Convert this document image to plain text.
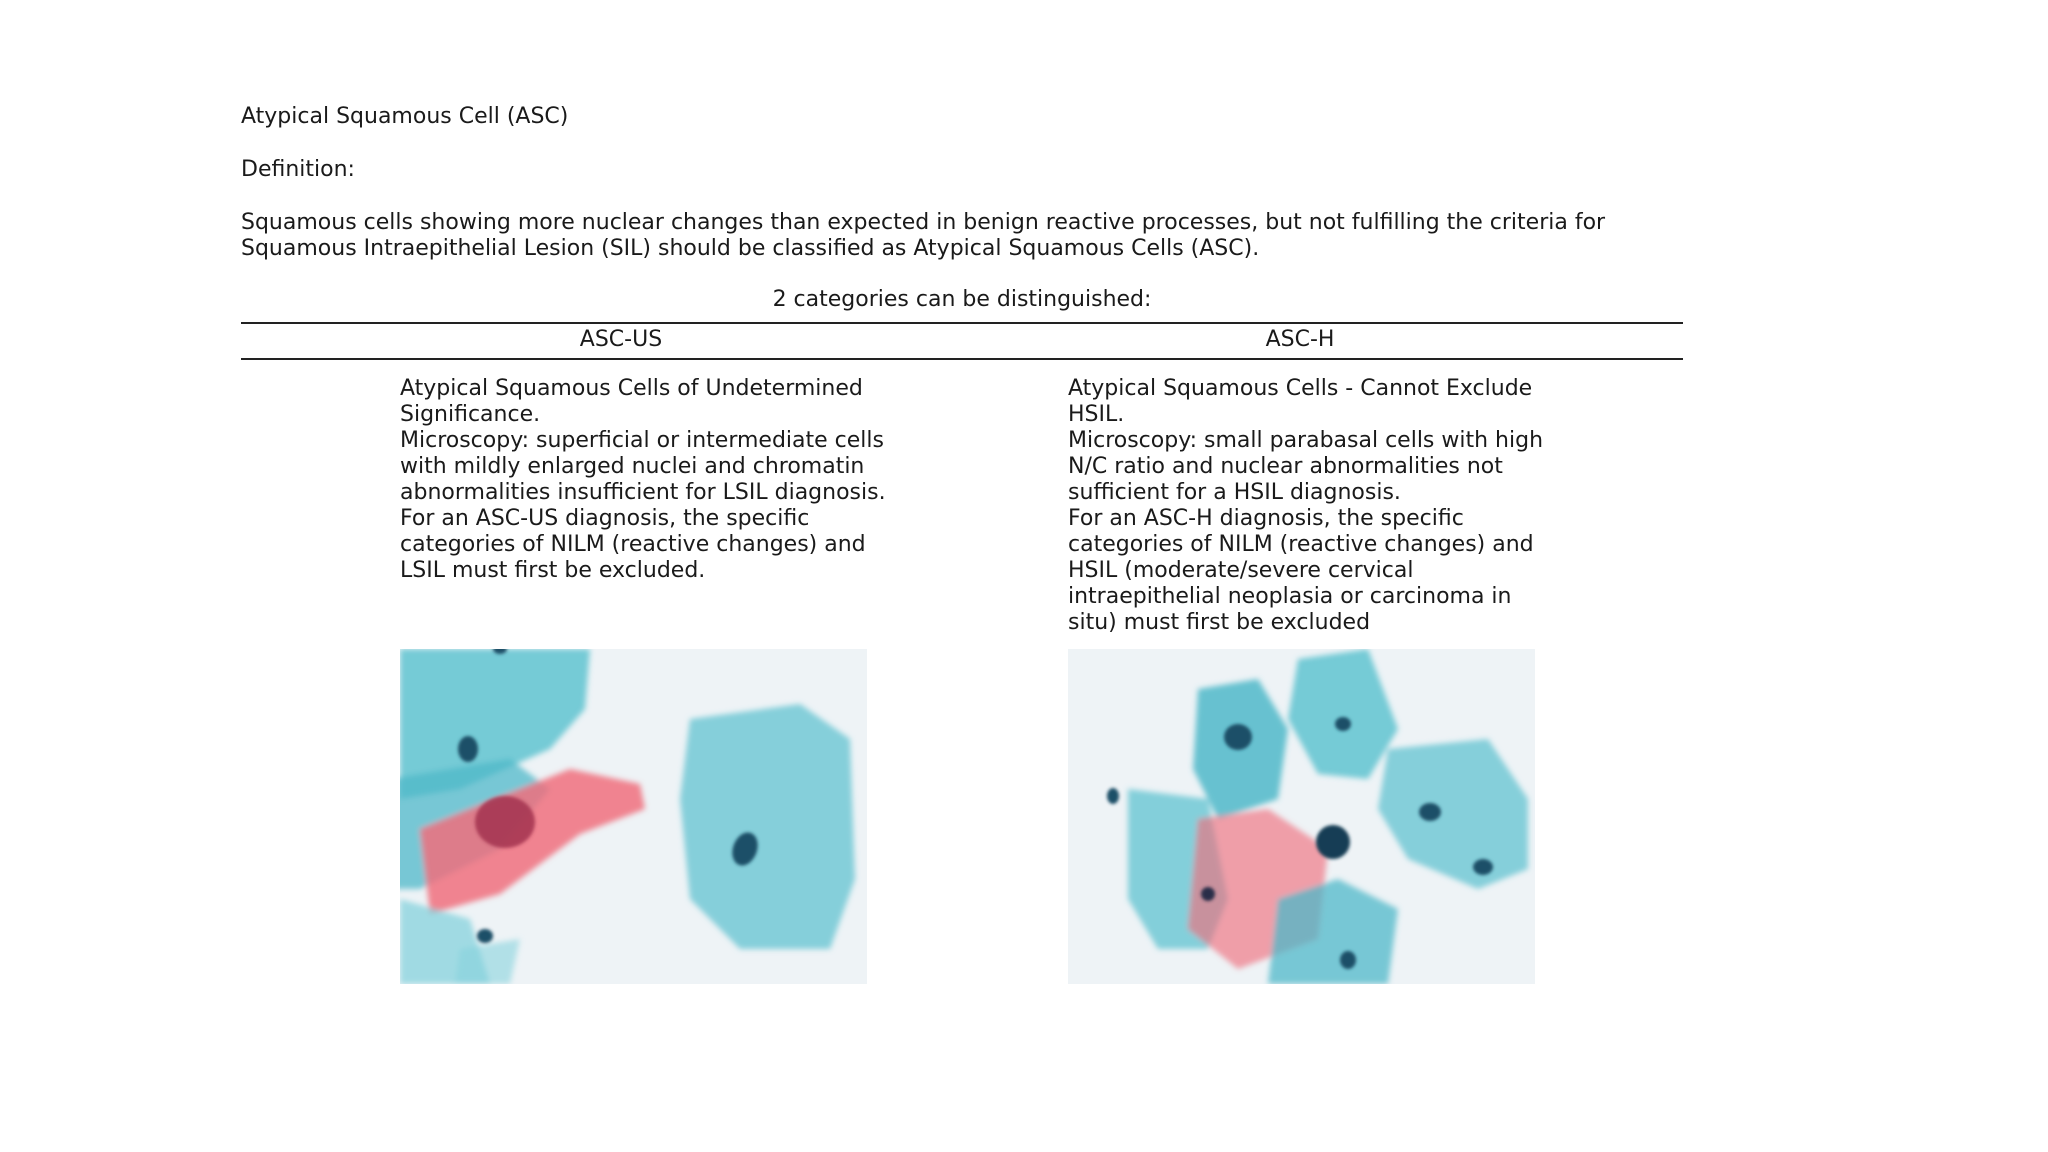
Atypical Squamous Cell (ASC)
Definition:
Squamous cells showing more nuclear changes than expected in benign reactive processes, but not fulfilling the criteria for Squamous Intraepithelial Lesion (SIL) should be classified as Atypical Squamous Cells (ASC).
2 categories can be distinguished:
ASC-US	ASC-H
Atypical Squamous Cells of Undetermined Significance.
Microscopy: superficial or intermediate cells with mildly enlarged nuclei and chromatin abnormalities insufficient for LSIL diagnosis.
For an ASC-US diagnosis, the specific categories of NILM (reactive changes) and LSIL must first be excluded.
Atypical Squamous Cells - Cannot Exclude HSIL.
Microscopy: small parabasal cells with high N/C ratio and nuclear abnormalities not sufficient for a HSIL diagnosis.
For an ASC-H diagnosis, the specific categories of NILM (reactive changes) and HSIL (moderate/severe cervical intraepithelial neoplasia or carcinoma in situ) must first be excluded
